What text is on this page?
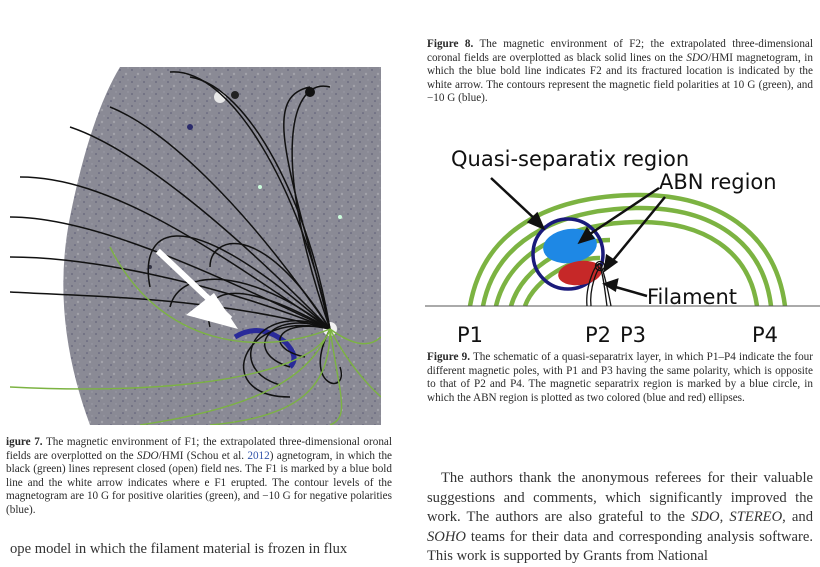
Figure 8. The magnetic environment of F2; the extrapolated three-dimensional coronal fields are overplotted as black solid lines on the SDO/HMI magnetogram, in which the blue bold line indicates F2 and its fractured location is indicated by the white arrow. The contours represent the magnetic field polarities at 10 G (green), and −10 G (blue).

Quasi-separatix region
ABN region
Filament
P1	P2 P3	P4

Figure 9. The schematic of a quasi-separatrix layer, in which P1–P4 indicate the four different magnetic poles, with P1 and P3 having the same polarity, which is opposite to that of P2 and P4. The magnetic separatrix region is marked by a blue circle, in which the ABN region is plotted as two colored (blue and red) ellipses.

igure 7. The magnetic environment of F1; the extrapolated three-dimensional oronal fields are overplotted on the SDO/HMI (Schou et al. 2012) agnetogram, in which the black (green) lines represent closed (open) field nes. The F1 is marked by a blue bold line and the white arrow indicates where e F1 erupted. The contour levels of the magnetogram are 10 G for positive olarities (green), and −10 G for negative polarities (blue).

The authors thank the anonymous referees for their valuable suggestions and comments, which significantly improved the work. The authors are also grateful to the SDO, STEREO, and SOHO teams for their data and corresponding analysis software. This work is supported by Grants from National

ope model in which the filament material is frozen in flux
